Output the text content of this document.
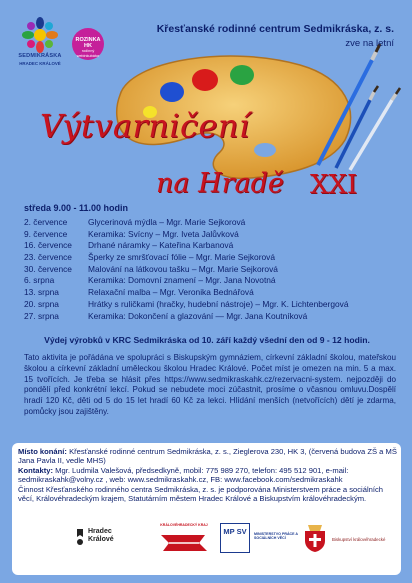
SEDMIKRÁSKA
HRADEC KRÁLOVÉ
ROZINKA HK
rodinný webinkubátor
Křesťanské rodinné centrum Sedmikráska, z. s.
zve na letní
Výtvarničení
na Hradě XXI
středa 9.00 - 11.00 hodin
2. července	Glycerinová mýdla – Mgr. Marie Sejkorová
9. července	Keramika: Svícny – Mgr. Iveta Jalůvková
16. července	Drhané náramky – Kateřina Karbanová
23. července	Šperky ze smršťovací fólie – Mgr. Marie Sejkorová
30. července	Malování na látkovou tašku – Mgr. Marie Sejkorová
6. srpna	Keramika: Domovní znamení – Mgr. Jana Novotná
13. srpna	Relaxační malba – Mgr. Veronika Bednářová
20. srpna	Hrátky s ruličkami (hračky, hudební nástroje) – Mgr. K. Lichtenbergová
27. srpna	Keramika: Dokončení a glazování — Mgr. Jana Koutníková
Výdej výrobků v KRC Sedmikráska od 10. září každý všední den od 9 - 12 hodin.
Tato aktivita je pořádána ve spolupráci s Biskupským gymnáziem, církevní základní školou, mateřskou školou a církevní základní uměleckou školou Hradec Králové. Počet míst je omezen na min. 5 a max. 15 tvořících. Je třeba se hlásit přes https://www.sedmikraskahk.cz/rezervacni-system. nejpozději do pondělí před konkrétní lekcí. Pokud se nebudete moci zúčastnit, prosíme o včasnou omluvu.Dospělí hradí 120 Kč, děti od 5 do 15 let hradí 60 Kč za lekci. Hlídání menších (netvořících) dětí je zdarma, pomůcky jsou zajištěny.
Místo konání: Křesťanské rodinné centrum Sedmikráska, z. s., Zieglerova 230, HK 3, (červená budova ZŠ a MŠ Jana Pavla II, vedle MHS)
Kontakty: Mgr. Ludmila Valešová, předsedkyně, mobil: 775 989 270, telefon: 495 512 901, e-mail: sedmikraskahk@volny.cz , web: www.sedmikraskahk.cz, FB: www.facebook.com/sedmikraskahk
Činnost Křesťanského rodinného centra Sedmikráska, z. s. je podporována Ministerstvem práce a sociálních věcí, Královéhradeckým krajem, Statutárním městem Hradec Králové a Biskupstvím královéhradeckým.
Hradec Králové
KRÁLOVÉHRADECKÝ KRAJ
MP SV	MINISTERSTVO PRÁCE A SOCIÁLNÍCH VĚCÍ	Biskupství královéhradecké
